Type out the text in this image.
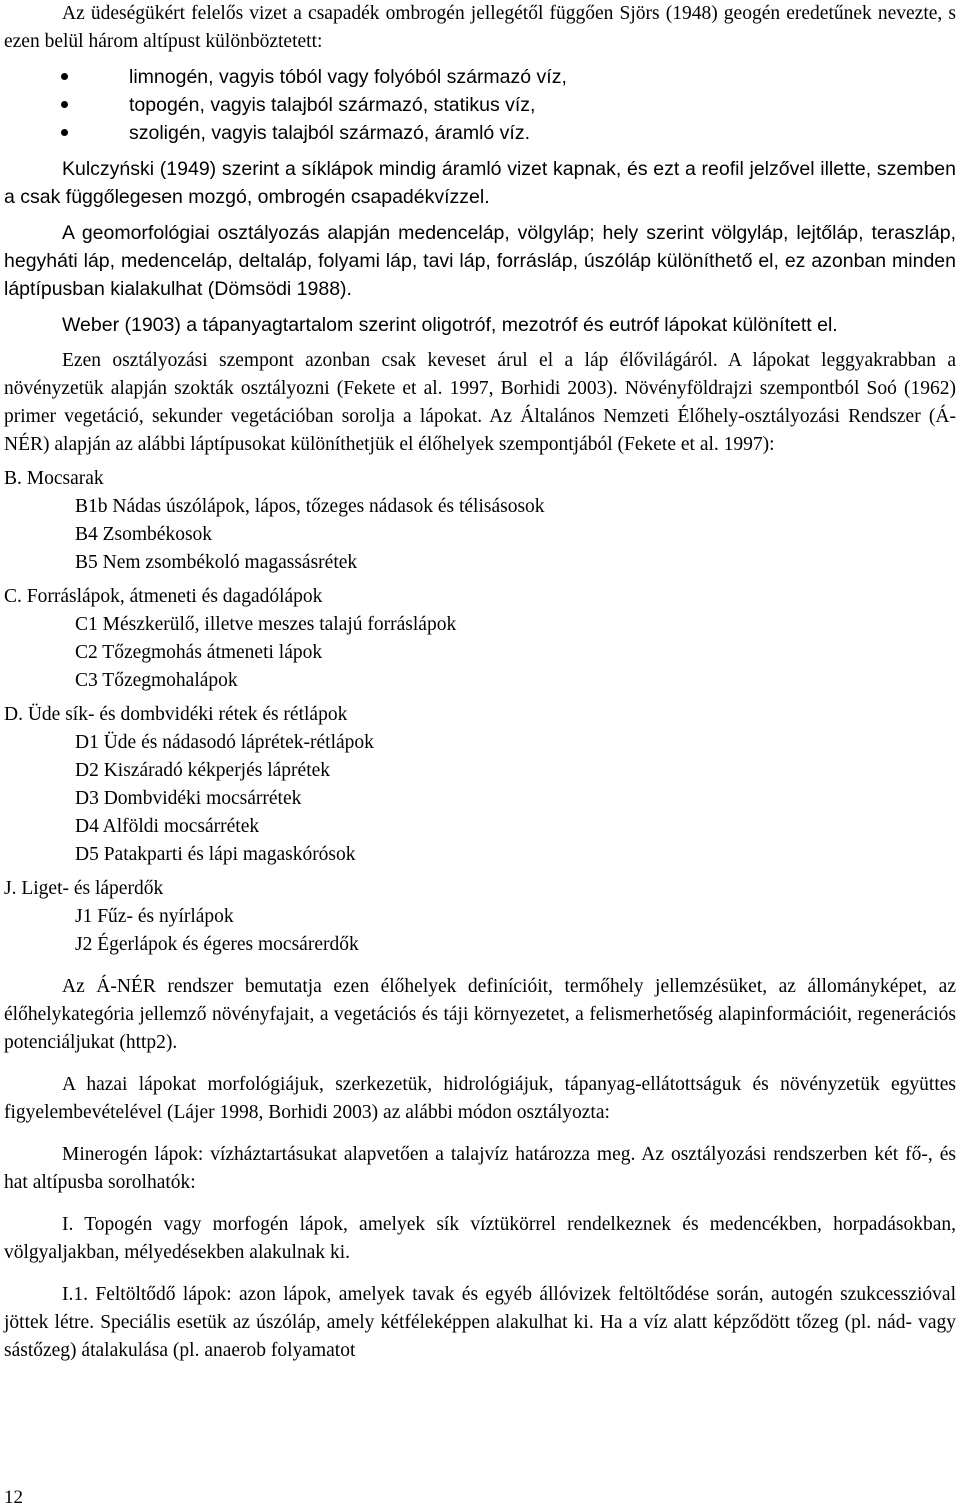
Az üdeségükért felelős vizet a csapadék ombrogén jellegétől függően Sjörs (1948) geogén eredetűnek nevezte, s ezen belül három altípust különböztetett:

limnogén, vagyis tóból vagy folyóból származó víz,
topogén, vagyis talajból származó, statikus víz,
szoligén, vagyis talajból származó, áramló víz.

Kulczyński (1949) szerint a síklápok mindig áramló vizet kapnak, és ezt a reofil jelzővel illette, szemben a csak függőlegesen mozgó, ombrogén csapadékvízzel.

A geomorfológiai osztályozás alapján medenceláp, völgyláp; hely szerint völgyláp, lejtőláp, teraszláp, hegyháti láp, medenceláp, deltaláp, folyami láp, tavi láp, forrásláp, úszóláp különíthető el, ez azonban minden láptípusban kialakulhat (Dömsödi 1988).

Weber (1903) a tápanyagtartalom szerint oligotróf, mezotróf és eutróf lápokat különített el.

Ezen osztályozási szempont azonban csak keveset árul el a láp élővilágáról. A lápokat leggyakrabban a növényzetük alapján szokták osztályozni (Fekete et al. 1997, Borhidi 2003). Növényföldrajzi szempontból Soó (1962) primer vegetáció, sekunder vegetációban sorolja a lápokat. Az Általános Nemzeti Élőhely-osztályozási Rendszer (Á-NÉR) alapján az alábbi láptípusokat különíthetjük el élőhelyek szempontjából (Fekete et al. 1997):

B. Mocsarak
B1b Nádas úszólápok, lápos, tőzeges nádasok és télisásosok
B4 Zsombékosok
B5 Nem zsombékoló magassásrétek
C. Forráslápok, átmeneti és dagadólápok
C1 Mészkerülő, illetve meszes talajú forráslápok
C2 Tőzegmohás átmeneti lápok
C3 Tőzegmohalápok
D. Üde sík- és dombvidéki rétek és rétlápok
D1 Üde és nádasodó láprétek-rétlápok
D2 Kiszáradó kékperjés láprétek
D3 Dombvidéki mocsárrétek
D4 Alföldi mocsárrétek
D5 Patakparti és lápi magaskórósok
J. Liget- és láperdők
J1 Fűz- és nyírlápok
J2 Égerlápok és égeres mocsárerdők

Az Á-NÉR rendszer bemutatja ezen élőhelyek definícióit, termőhely jellemzésüket, az állományképet, az élőhelykategória jellemző növényfajait, a vegetációs és táji környezetet, a felismerhetőség alapinformációit, regenerációs potenciáljukat (http2).

A hazai lápokat morfológiájuk, szerkezetük, hidrológiájuk, tápanyag-ellátottságuk és növényzetük együttes figyelembevételével (Lájer 1998, Borhidi 2003) az alábbi módon osztályozta:

Minerogén lápok: vízháztartásukat alapvetően a talajvíz határozza meg. Az osztályozási rendszerben két fő-, és hat altípusba sorolhatók:

I. Topogén vagy morfogén lápok, amelyek sík víztükörrel rendelkeznek és medencékben, horpadásokban, völgyaljakban, mélyedésekben alakulnak ki.

I.1. Feltöltődő lápok: azon lápok, amelyek tavak és egyéb állóvizek feltöltődése során, autogén szukcesszióval jöttek létre. Speciális esetük az úszóláp, amely kétféleképpen alakulhat ki. Ha a víz alatt képződött tőzeg (pl. nád- vagy sástőzeg) átalakulása (pl. anaerob folyamatot

12
